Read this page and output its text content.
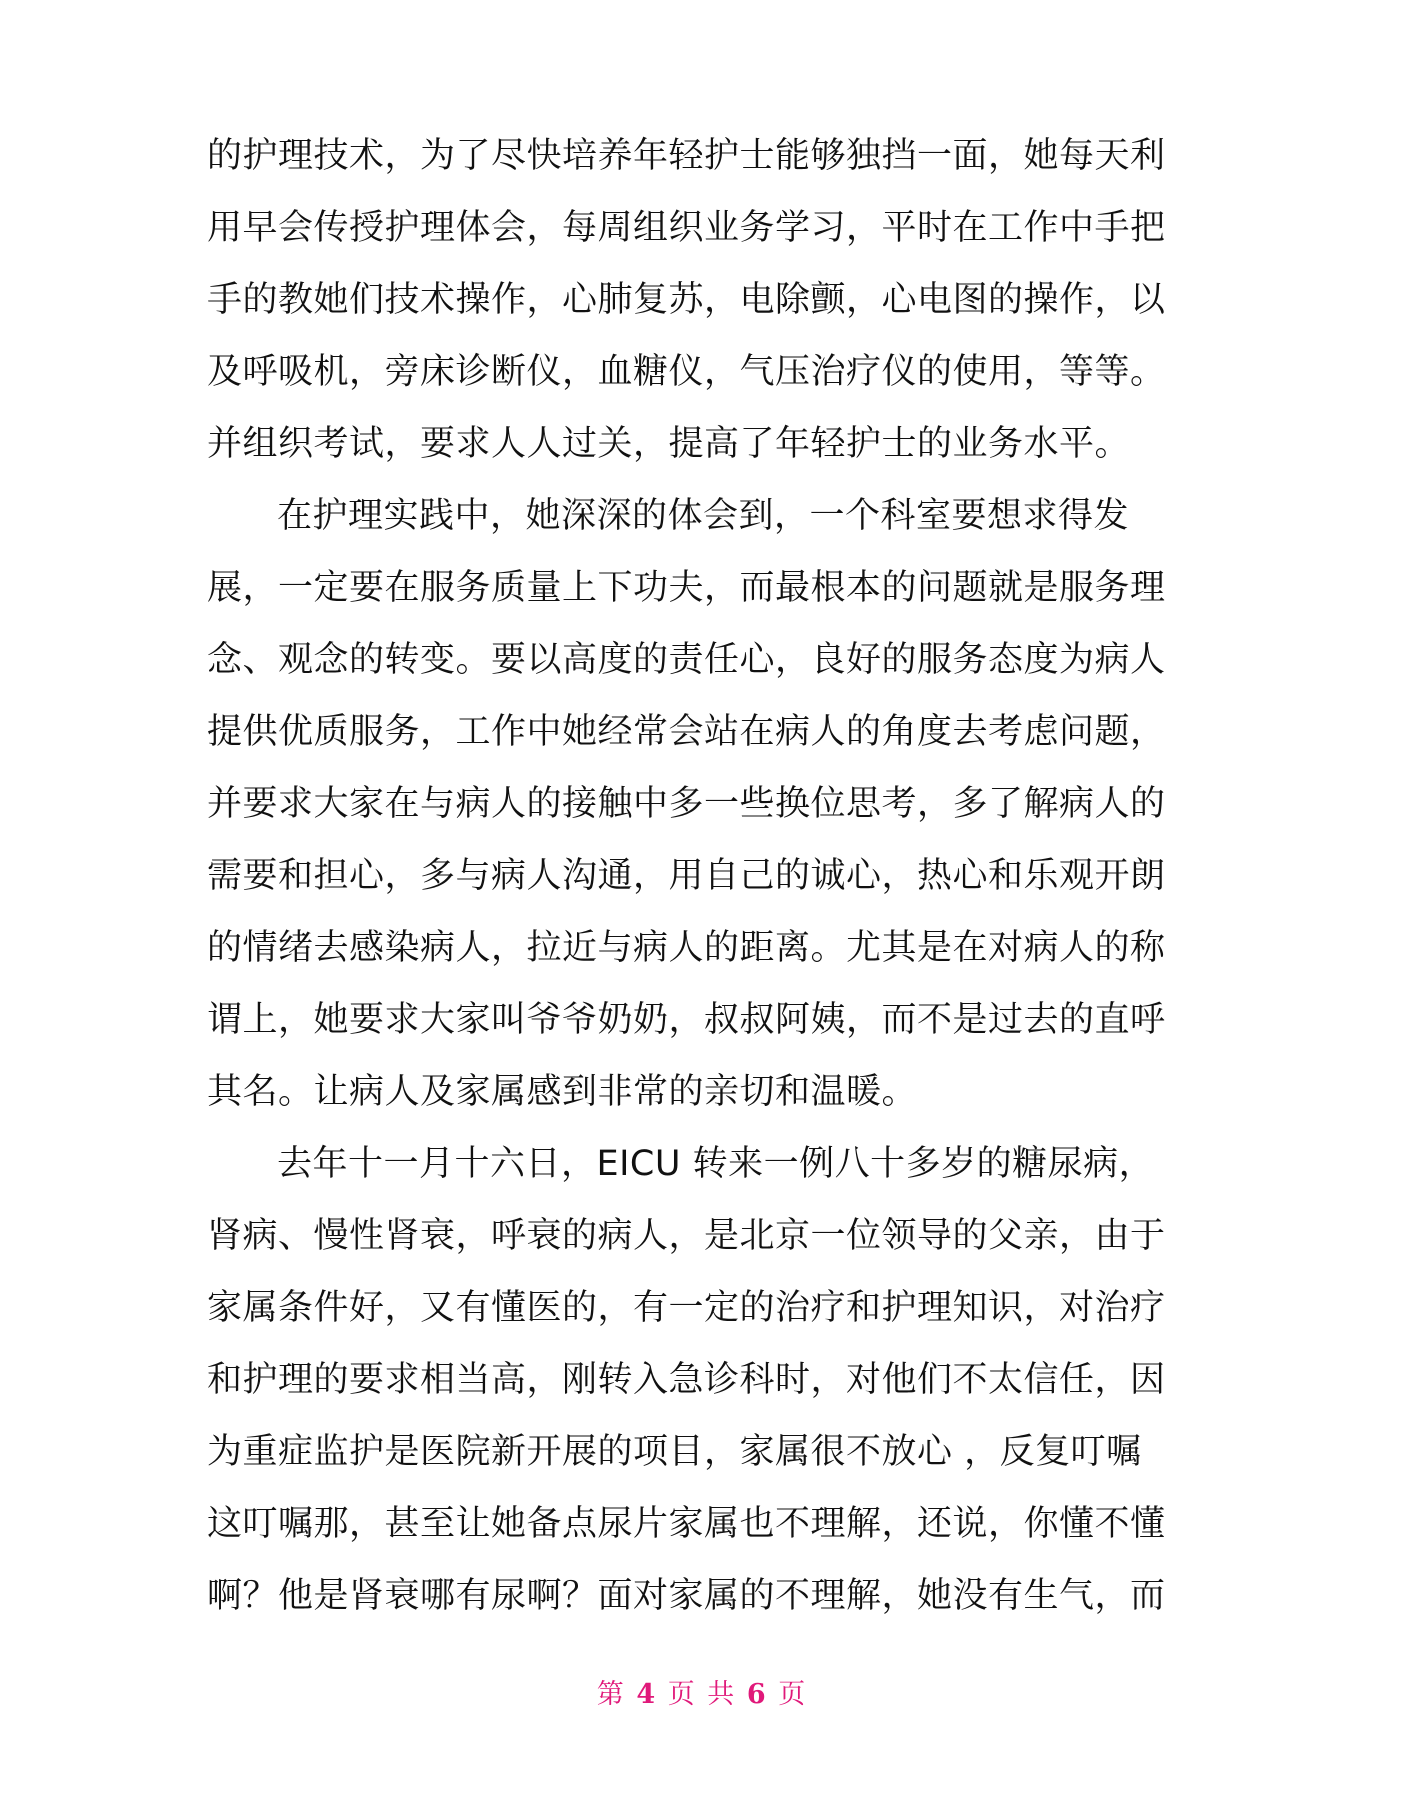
的护理技术，为了尽快培养年轻护士能够独挡一面，她每天利
用早会传授护理体会，每周组织业务学习，平时在工作中手把
手的教她们技术操作，心肺复苏，电除颤，心电图的操作，以
及呼吸机，旁床诊断仪，血糖仪，气压治疗仪的使用，等等。
并组织考试，要求人人过关，提高了年轻护士的业务水平。
在护理实践中，她深深的体会到，一个科室要想求得发
展，一定要在服务质量上下功夫，而最根本的问题就是服务理
念、观念的转变。要以高度的责任心，良好的服务态度为病人
提供优质服务，工作中她经常会站在病人的角度去考虑问题，
并要求大家在与病人的接触中多一些换位思考，多了解病人的
需要和担心，多与病人沟通，用自己的诚心，热心和乐观开朗
的情绪去感染病人，拉近与病人的距离。尤其是在对病人的称
谓上，她要求大家叫爷爷奶奶，叔叔阿姨，而不是过去的直呼
其名。让病人及家属感到非常的亲切和温暖。
去年十一月十六日，EICU 转来一例八十多岁的糖尿病，
肾病、慢性肾衰，呼衰的病人，是北京一位领导的父亲，由于
家属条件好，又有懂医的，有一定的治疗和护理知识，对治疗
和护理的要求相当高，刚转入急诊科时，对他们不太信任，因
为重症监护是医院新开展的项目，家属很不放心 ，反复叮嘱
这叮嘱那，甚至让她备点尿片家属也不理解，还说，你懂不懂
啊？他是肾衰哪有尿啊？面对家属的不理解，她没有生气，而
第 4 页 共 6 页
